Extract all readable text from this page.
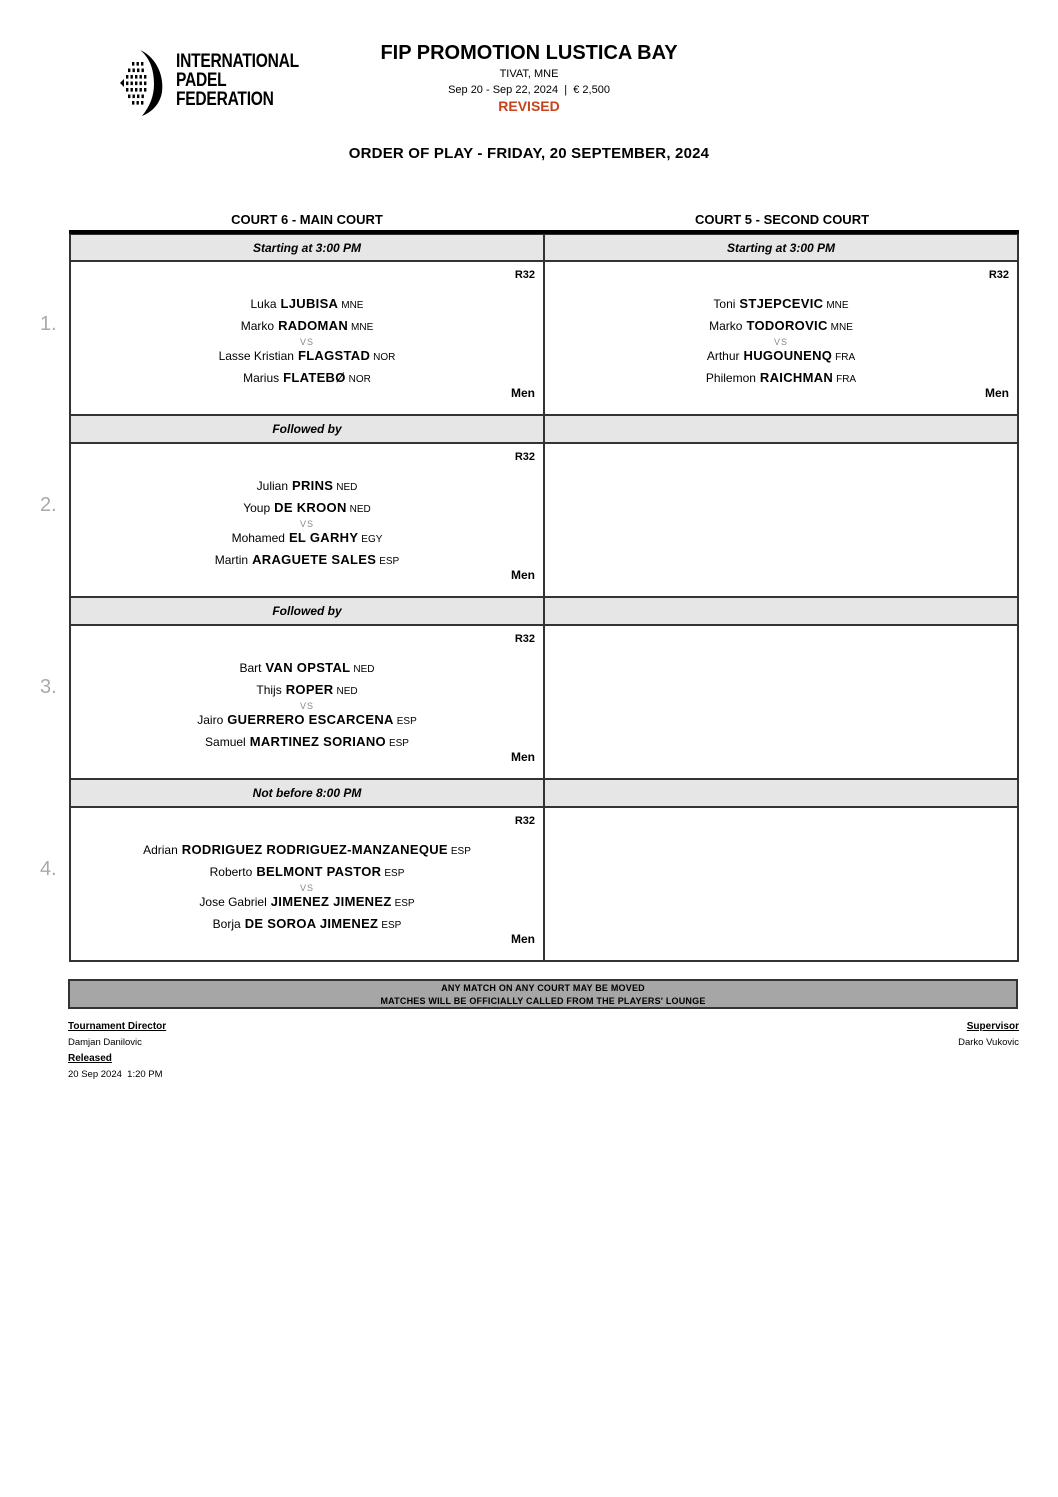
INTERNATIONAL
PADEL
FEDERATION
FIP PROMOTION LUSTICA BAY
TIVAT, MNE
Sep 20 - Sep 22, 2024  |  € 2,500
REVISED
ORDER OF PLAY - FRIDAY, 20 SEPTEMBER, 2024
COURT 6 - MAIN COURT	COURT 5 - SECOND COURT
Starting at 3:00 PM	Starting at 3:00 PM
R32
Luka LJUBISA MNE
Marko RADOMAN MNE
VS
Lasse Kristian FLAGSTAD NOR
Marius FLATEBØ NOR
Men
R32
Toni STJEPCEVIC MNE
Marko TODOROVIC MNE
VS
Arthur HUGOUNENQ FRA
Philemon RAICHMAN FRA
Men
Followed by
R32
Julian PRINS NED
Youp DE KROON NED
VS
Mohamed EL GARHY EGY
Martin ARAGUETE SALES ESP
Men
Followed by
R32
Bart VAN OPSTAL NED
Thijs ROPER NED
VS
Jairo GUERRERO ESCARCENA ESP
Samuel MARTINEZ SORIANO ESP
Men
Not before 8:00 PM
R32
Adrian RODRIGUEZ RODRIGUEZ-MANZANEQUE ESP
Roberto BELMONT PASTOR ESP
VS
Jose Gabriel JIMENEZ JIMENEZ ESP
Borja DE SOROA JIMENEZ ESP
Men
1.
2.
3.
4.
ANY MATCH ON ANY COURT MAY BE MOVED
MATCHES WILL BE OFFICIALLY CALLED FROM THE PLAYERS' LOUNGE
Tournament Director
Damjan Danilovic
Released
20 Sep 2024  1:20 PM
Supervisor
Darko Vukovic
